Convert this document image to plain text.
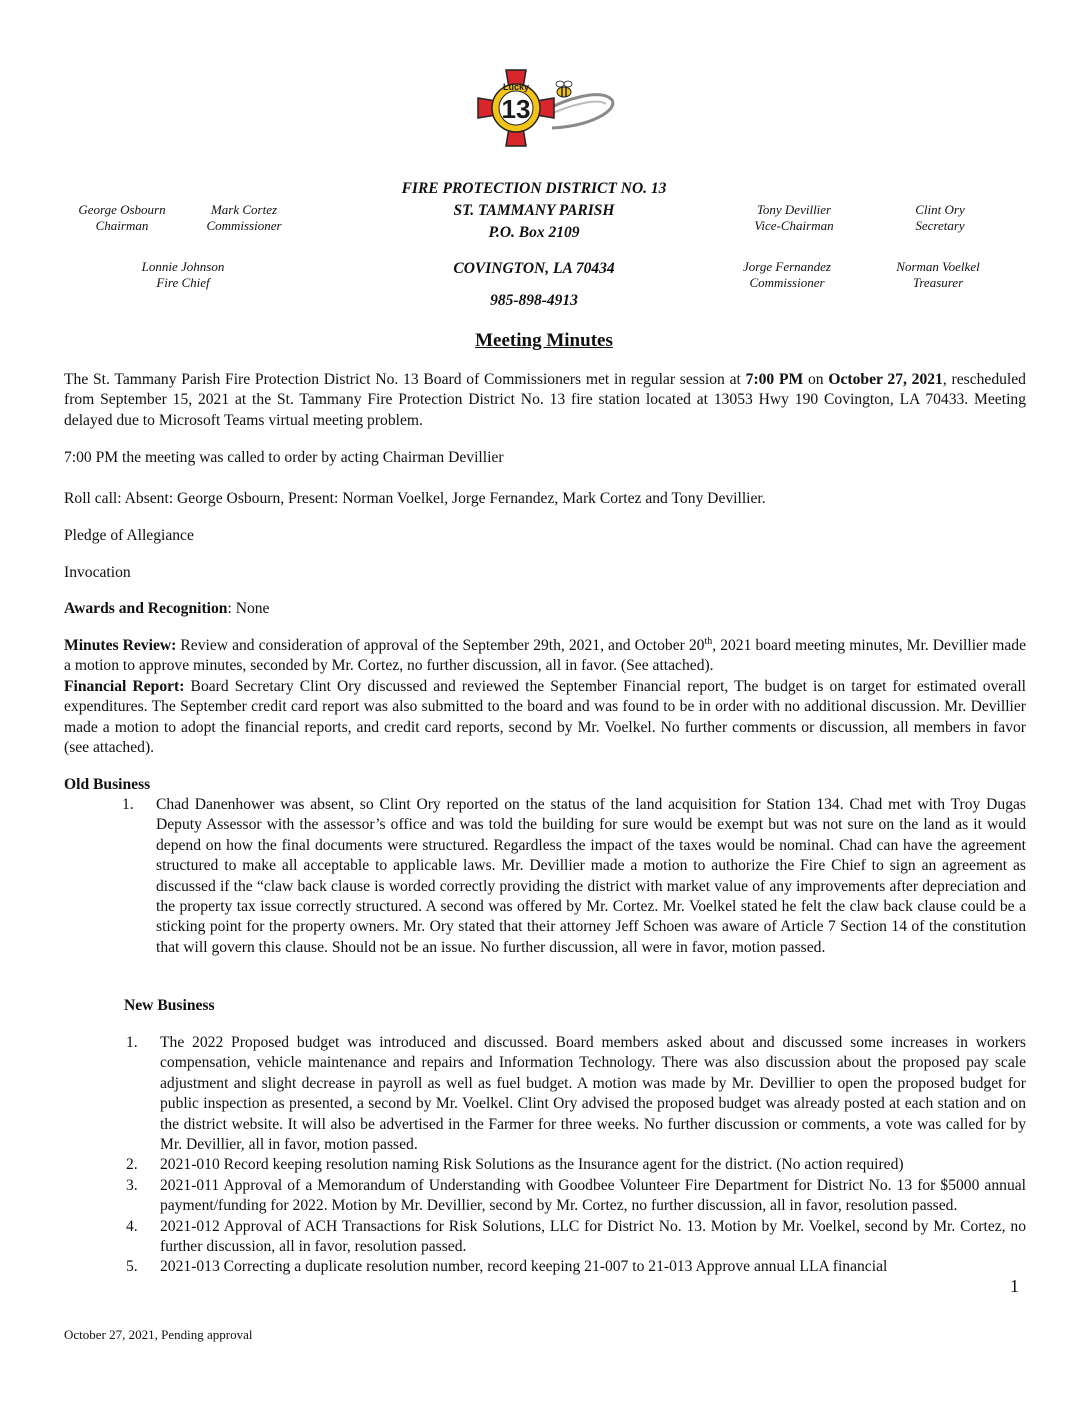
13
Lucky
George Osbourn
Chairman
Mark Cortez
Commissioner
Lonnie Johnson
Fire Chief
FIRE PROTECTION DISTRICT NO. 13
ST. TAMMANY PARISH
P.O. Box 2109
COVINGTON, LA 70434
985-898-4913
Tony Devillier
Vice-Chairman
Clint Ory
Secretary
Jorge Fernandez
Commissioner
Norman Voelkel
Treasurer
Meeting Minutes
The St. Tammany Parish Fire Protection District No. 13 Board of Commissioners met in regular session at 7:00 PM on October 27, 2021, rescheduled from September 15, 2021 at the St. Tammany Fire Protection District No. 13 fire station located at 13053 Hwy 190 Covington, LA 70433. Meeting delayed due to Microsoft Teams virtual meeting problem.
7:00 PM the meeting was called to order by acting Chairman Devillier
Roll call: Absent: George Osbourn, Present: Norman Voelkel, Jorge Fernandez, Mark Cortez and Tony Devillier.
Pledge of Allegiance
Invocation
Awards and Recognition: None
Minutes Review: Review and consideration of approval of the September 29th, 2021, and October 20th, 2021 board meeting minutes, Mr. Devillier made a motion to approve minutes, seconded by Mr. Cortez, no further discussion, all in favor. (See attached).
Financial Report: Board Secretary Clint Ory discussed and reviewed the September Financial report, The budget is on target for estimated overall expenditures. The September credit card report was also submitted to the board and was found to be in order with no additional discussion. Mr. Devillier made a motion to adopt the financial reports, and credit card reports, second by Mr. Voelkel. No further comments or discussion, all members in favor (see attached).
Old Business
1.	Chad Danenhower was absent, so Clint Ory reported on the status of the land acquisition for Station 134. Chad met with Troy Dugas Deputy Assessor with the assessor’s office and was told the building for sure would be exempt but was not sure on the land as it would depend on how the final documents were structured. Regardless the impact of the taxes would be nominal. Chad can have the agreement structured to make all acceptable to applicable laws. Mr. Devillier made a motion to authorize the Fire Chief to sign an agreement as discussed if the “claw back clause is worded correctly providing the district with market value of any improvements after depreciation and the property tax issue correctly structured. A second was offered by Mr. Cortez. Mr. Voelkel stated he felt the claw back clause could be a sticking point for the property owners. Mr. Ory stated that their attorney Jeff Schoen was aware of Article 7 Section 14 of the constitution that will govern this clause. Should not be an issue. No further discussion, all were in favor, motion passed.
New Business
1.	The 2022 Proposed budget was introduced and discussed. Board members asked about and discussed some increases in workers compensation, vehicle maintenance and repairs and Information Technology. There was also discussion about the proposed pay scale adjustment and slight decrease in payroll as well as fuel budget. A motion was made by Mr. Devillier to open the proposed budget for public inspection as presented, a second by Mr. Voelkel. Clint Ory advised the proposed budget was already posted at each station and on the district website. It will also be advertised in the Farmer for three weeks. No further discussion or comments, a vote was called for by Mr. Devillier, all in favor, motion passed.
2.	2021-010 Record keeping resolution naming Risk Solutions as the Insurance agent for the district. (No action required)
3.	2021-011 Approval of a Memorandum of Understanding with Goodbee Volunteer Fire Department for District No. 13 for $5000 annual payment/funding for 2022. Motion by Mr. Devillier, second by Mr. Cortez, no further discussion, all in favor, resolution passed.
4.	2021-012 Approval of ACH Transactions for Risk Solutions, LLC for District No. 13. Motion by Mr. Voelkel, second by Mr. Cortez, no further discussion, all in favor, resolution passed.
5.	2021-013 Correcting a duplicate resolution number, record keeping 21-007 to 21-013 Approve annual LLA financial
1
October 27, 2021, Pending approval
